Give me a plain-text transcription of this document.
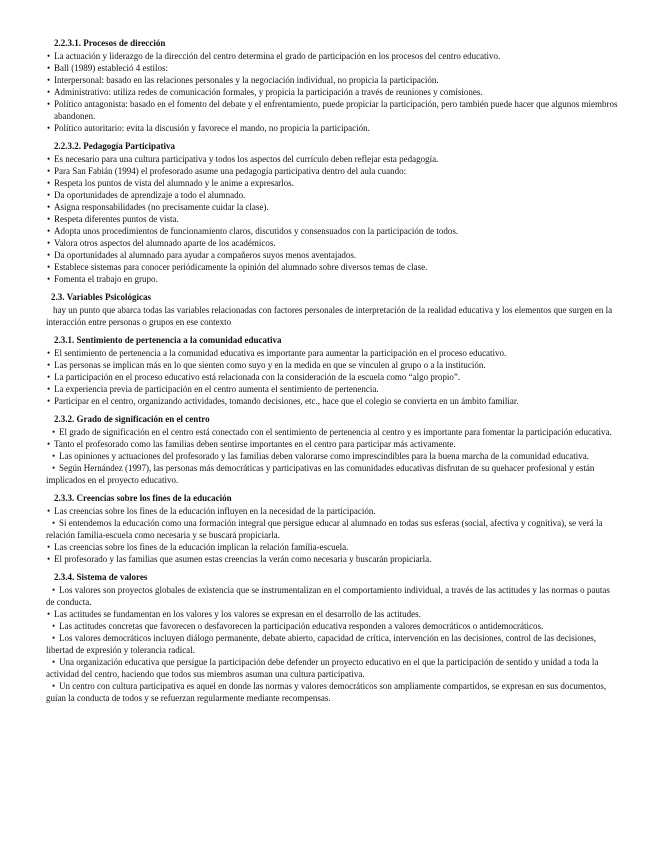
2.2.3.1. Procesos de dirección
• La actuación y liderazgo de la dirección del centro determina el grado de participación en los procesos del centro educativo.
• Ball (1989) estableció 4 estilos:
• Interpersonal: basado en las relaciones personales y la negociación individual, no propicia la participación.
• Administrativo: utiliza redes de comunicación formales, y propicia la participación a través de reuniones y comisiones.
• Político antagonista: basado en el fomento del debate y el enfrentamiento, puede propiciar la participación, pero también puede hacer que algunos miembros abandonen.
• Político autoritario: evita la discusión y favorece el mando, no propicia la participación.
2.2.3.2. Pedagogía Participativa
• Es necesario para una cultura participativa y todos los aspectos del currículo deben reflejar esta pedagogía.
• Para San Fabián (1994) el profesorado asume una pedagogía participativa dentro del aula cuando:
• Respeta los puntos de vista del alumnado y le anime a expresarlos.
• Da oportunidades de aprendizaje a todo el alumnado.
• Asigna responsabilidades (no precisamente cuidar la clase).
• Respeta diferentes puntos de vista.
• Adopta unos procedimientos de funcionamiento claros, discutidos y consensuados con la participación de todos.
• Valora otros aspectos del alumnado aparte de los académicos.
• Da oportunidades al alumnado para ayudar a compañeros suyos menos aventajados.
• Establece sistemas para conocer periódicamente la opinión del alumnado sobre diversos temas de clase.
• Fomenta el trabajo en grupo.
2.3. Variables Psicológicas
hay un punto que abarca todas las variables relacionadas con factores personales de interpretación de la realidad educativa y los elementos que surgen en la interacción entre personas o grupos en ese contexto
2.3.1. Sentimiento de pertenencia a la comunidad educativa
• El sentimiento de pertenencia a la comunidad educativa es importante para aumentar la participación en el proceso educativo.
• Las personas se implican más en lo que sienten como suyo y en la medida en que se vinculen al grupo o a la institución.
• La participación en el proceso educativo está relacionada con la consideración de la escuela como “algo propio”.
• La experiencia previa de participación en el centro aumenta el sentimiento de pertenencia.
• Participar en el centro, organizando actividades, tomando decisiones, etc., hace que el colegio se convierta en un ámbito familiar.
2.3.2. Grado de significación en el centro
• El grado de significación en el centro está conectado con el sentimiento de pertenencia al centro y es importante para fomentar la participación educativa.
• Tanto el profesorado como las familias deben sentirse importantes en el centro para participar más activamente.
• Las opiniones y actuaciones del profesorado y las familias deben valorarse como imprescindibles para la buena marcha de la comunidad educativa.
• Según Hernández (1997), las personas más democráticas y participativas en las comunidades educativas disfrutan de su quehacer profesional y están implicados en el proyecto educativo.
2.3.3. Creencias sobre los fines de la educación
• Las creencias sobre los fines de la educación influyen en la necesidad de la participación.
• Si entendemos la educación como una formación integral que persigue educar al alumnado en todas sus esferas (social, afectiva y cognitiva), se verá la relación familia-escuela como necesaria y se buscará propiciarla.
• Las creencias sobre los fines de la educación implican la relación familia-escuela.
• El profesorado y las familias que asumen estas creencias la verán como necesaria y buscarán propiciarla.
2.3.4. Sistema de valores
• Los valores son proyectos globales de existencia que se instrumentalizan en el comportamiento individual, a través de las actitudes y las normas o pautas de conducta.
• Las actitudes se fundamentan en los valores y los valores se expresan en el desarrollo de las actitudes.
• Las actitudes concretas que favorecen o desfavorecen la participación educativa responden a valores democráticos o antidemocráticos.
• Los valores democráticos incluyen diálogo permanente, debate abierto, capacidad de crítica, intervención en las decisiones, control de las decisiones, libertad de expresión y tolerancia radical.
• Una organización educativa que persigue la participación debe defender un proyecto educativo en el que la participación de sentido y unidad a toda la actividad del centro, haciendo que todos sus miembros asuman una cultura participativa.
• Un centro con cultura participativa es aquel en donde las normas y valores democráticos son ampliamente compartidos, se expresan en sus documentos, guían la conducta de todos y se refuerzan regularmente mediante recompensas.
